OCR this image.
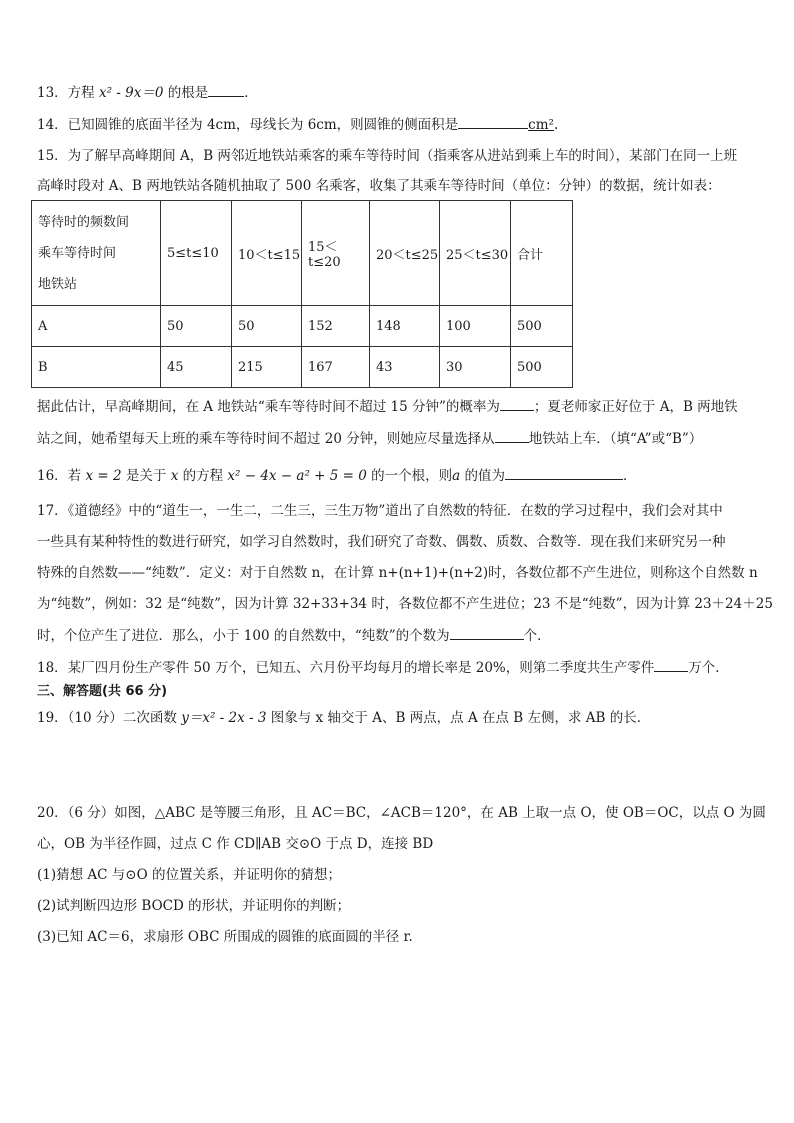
13．方程 x² - 9x＝0 的根是	．
14．已知圆锥的底面半径为 4cm，母线长为 6cm，则圆锥的侧面积是	cm².
15．为了解早高峰期间 A，B 两邻近地铁站乘客的乘车等待时间（指乘客从进站到乘上车的时间），某部门在同一上班
高峰时段对 A、B 两地铁站各随机抽取了 500 名乘客，收集了其乘车等待时间（单位：分钟）的数据，统计如表：
等待时的频数间
乘车等待时间
地铁站	5≤t≤10	10＜t≤15	15＜t≤20	20＜t≤25	25＜t≤30	合计
A	50	50	152	148	100	500
B	45	215	167	43	30	500
据此估计，早高峰期间，在 A 地铁站“乘车等待时间不超过 15 分钟”的概率为	；夏老师家正好位于 A，B 两地铁
站之间，她希望每天上班的乘车等待时间不超过 20 分钟，则她应尽量选择从	地铁站上车．（填“A”或“B”）
16．若 x = 2 是关于 x 的方程 x² − 4x − a² + 5 = 0 的一个根，则a 的值为	．
17．《道德经》中的“道生一，一生二，二生三，三生万物”道出了自然数的特征．在数的学习过程中，我们会对其中
一些具有某种特性的数进行研究，如学习自然数时，我们研究了奇数、偶数、质数、合数等．现在我们来研究另一种
特殊的自然数——“纯数”．定义：对于自然数 n，在计算 n+(n+1)+(n+2)时，各数位都不产生进位，则称这个自然数 n
为“纯数”，例如：32 是“纯数”，因为计算 32+33+34 时，各数位都不产生进位；23 不是“纯数”，因为计算 23＋24＋25
时，个位产生了进位．那么，小于 100 的自然数中，“纯数”的个数为	个．
18．某厂四月份生产零件 50 万个，已知五、六月份平均每月的增长率是 20%，则第二季度共生产零件	万个．
三、解答题(共 66 分)
19．（10 分）二次函数 y＝x² - 2x - 3 图象与 x 轴交于 A、B 两点，点 A 在点 B 左侧，求 AB 的长．
20．（6 分）如图，△ABC 是等腰三角形，且 AC＝BC，∠ACB＝120°，在 AB 上取一点 O，使 OB＝OC，以点 O 为圆
心，OB 为半径作圆，过点 C 作 CD∥AB 交⊙O 于点 D，连接 BD
(1)猜想 AC 与⊙O 的位置关系，并证明你的猜想；
(2)试判断四边形 BOCD 的形状，并证明你的判断；
(3)已知 AC＝6，求扇形 OBC 所围成的圆锥的底面圆的半径 r.
